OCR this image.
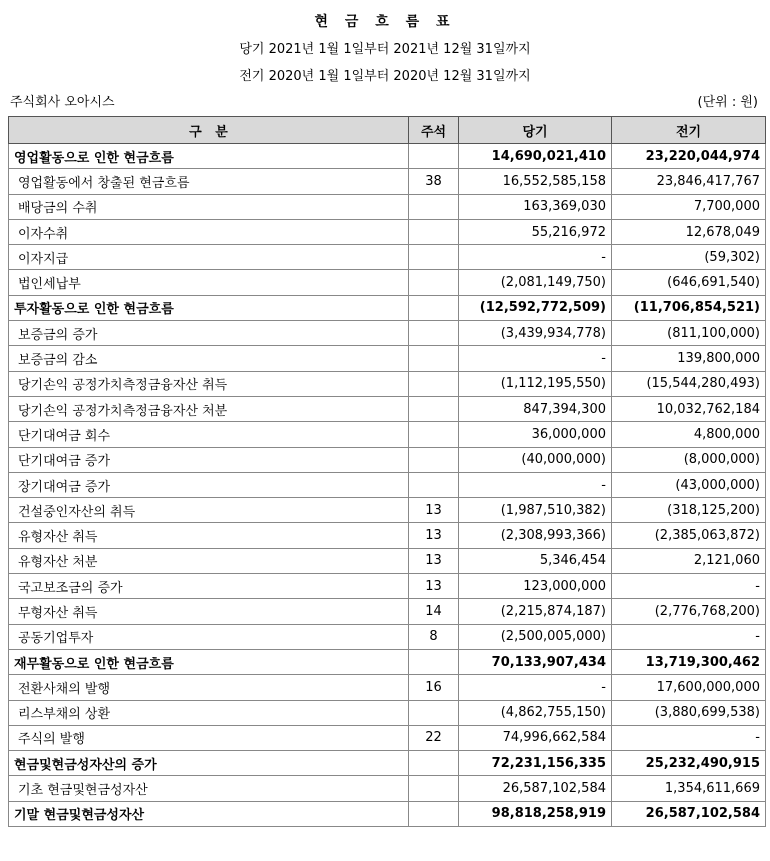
현 금 흐 름 표
당기 2021년 1월 1일부터 2021년 12월 31일까지
전기 2020년 1월 1일부터 2020년 12월 31일까지
주식회사 오아시스	(단위 : 원)
구   분	주석	당기	전기
영업활동으로 인한 현금흐름		14,690,021,410	23,220,044,974
영업활동에서 창출된 현금흐름	38	16,552,585,158	23,846,417,767
배당금의 수취		163,369,030	7,700,000
이자수취		55,216,972	12,678,049
이자지급		-	(59,302)
법인세납부		(2,081,149,750)	(646,691,540)
투자활동으로 인한 현금흐름		(12,592,772,509)	(11,706,854,521)
보증금의 증가		(3,439,934,778)	(811,100,000)
보증금의 감소		-	139,800,000
당기손익 공정가치측정금융자산 취득		(1,112,195,550)	(15,544,280,493)
당기손익 공정가치측정금융자산 처분		847,394,300	10,032,762,184
단기대여금 회수		36,000,000	4,800,000
단기대여금 증가		(40,000,000)	(8,000,000)
장기대여금 증가		-	(43,000,000)
건설중인자산의 취득	13	(1,987,510,382)	(318,125,200)
유형자산 취득	13	(2,308,993,366)	(2,385,063,872)
유형자산 처분	13	5,346,454	2,121,060
국고보조금의 증가	13	123,000,000	-
무형자산 취득	14	(2,215,874,187)	(2,776,768,200)
공동기업투자	8	(2,500,005,000)	-
재무활동으로 인한 현금흐름		70,133,907,434	13,719,300,462
전환사채의 발행	16	-	17,600,000,000
리스부채의 상환		(4,862,755,150)	(3,880,699,538)
주식의 발행	22	74,996,662,584	-
현금및현금성자산의 증가		72,231,156,335	25,232,490,915
기초 현금및현금성자산		26,587,102,584	1,354,611,669
기말 현금및현금성자산		98,818,258,919	26,587,102,584
